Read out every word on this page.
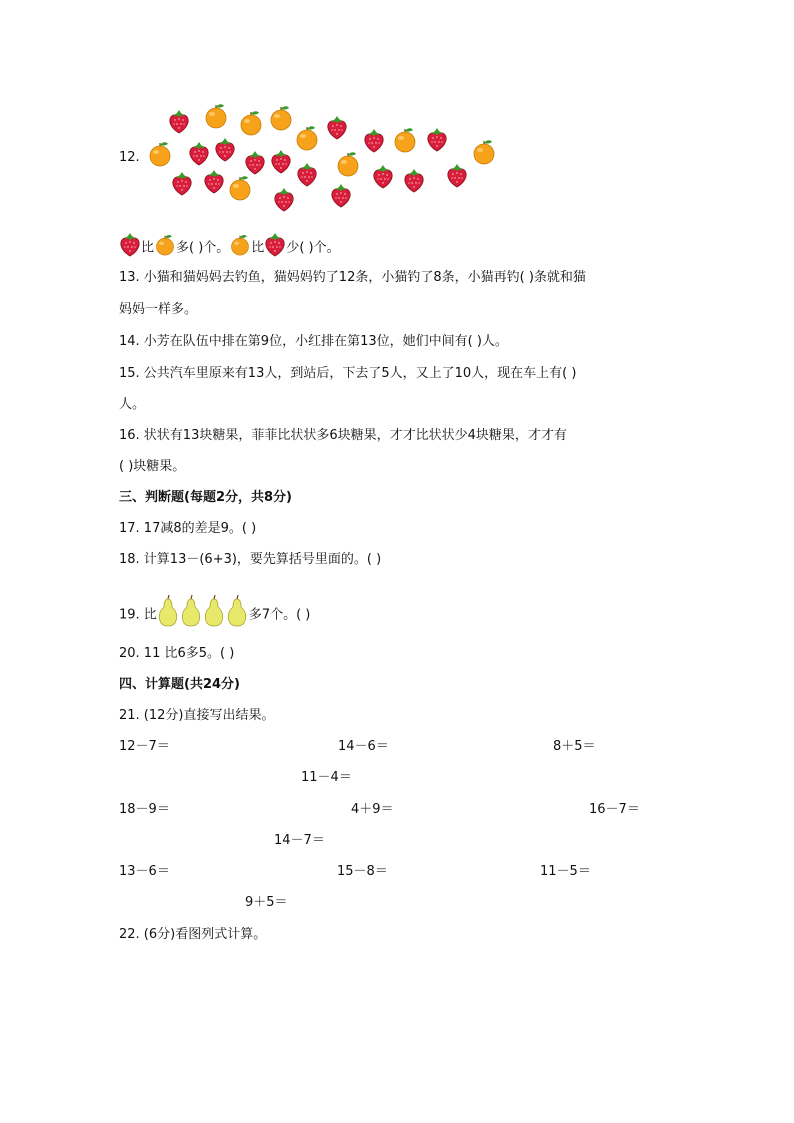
12.
比 多( )个。 比 少( )个。
13. 小猫和猫妈妈去钓鱼，猫妈妈钓了12条，小猫钓了8条，小猫再钓( )条就和猫
妈妈一样多。
14. 小芳在队伍中排在第9位，小红排在第13位，她们中间有( )人。
15. 公共汽车里原来有13人，到站后，下去了5人，又上了10人，现在车上有( )
人。
16. 状状有13块糖果，菲菲比状状多6块糖果，才才比状状少4块糖果，才才有
( )块糖果。
三、判断题(每题2分，共8分)
17. 17减8的差是9。( )
18. 计算13－(6+3)，要先算括号里面的。( )
19. 比	多7个。( )
20. 11 比6多5。( )
四、计算题(共24分)
21. (12分)直接写出结果。
12－7＝	14－6＝	8＋5＝
11－4＝
18－9＝	4＋9＝	16－7＝
14－7＝
13－6＝	15－8＝	11－5＝
9＋5＝
22. (6分)看图列式计算。
